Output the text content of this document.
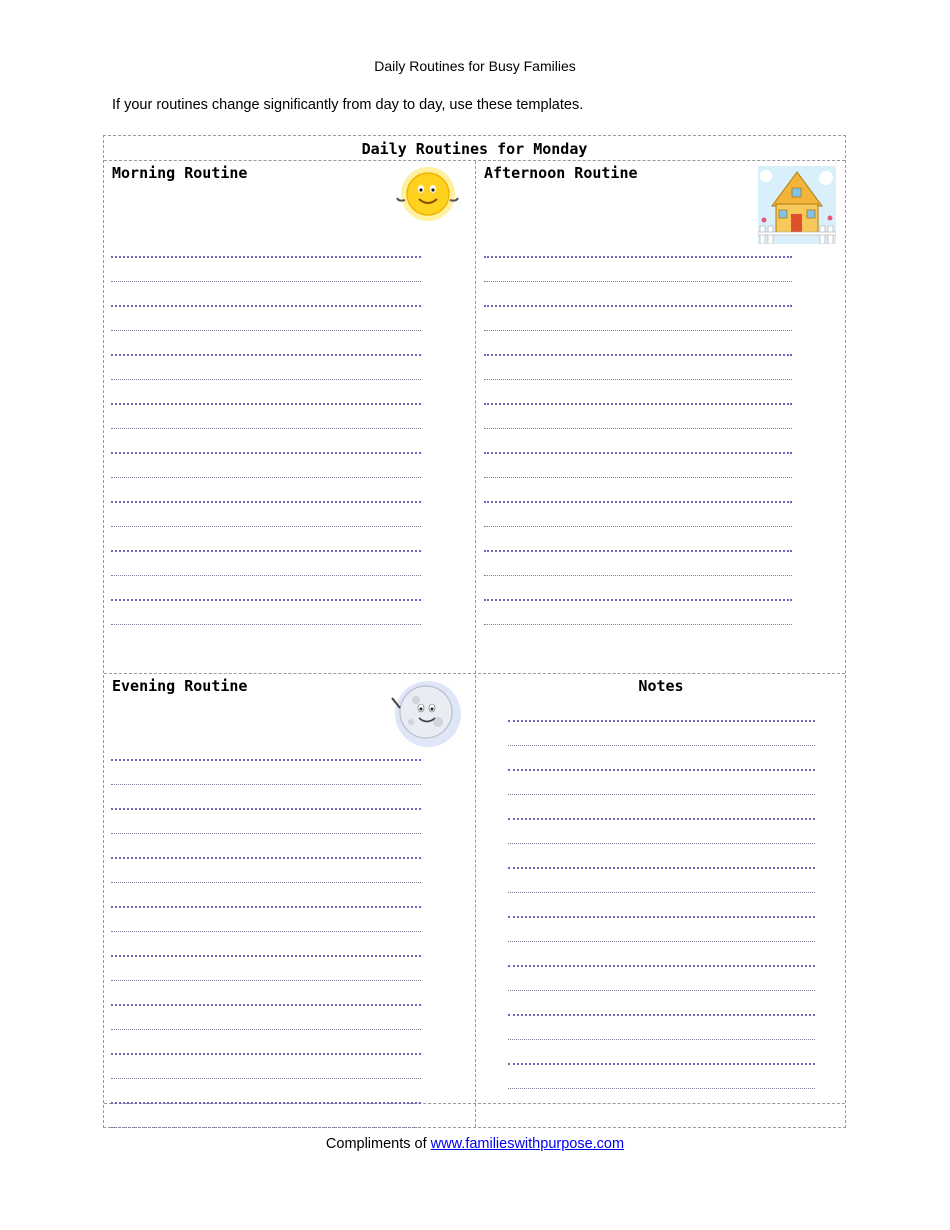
Daily Routines for Busy Families
If your routines change significantly from day to day, use these templates.
Daily Routines for Monday
Morning Routine	Afternoon Routine
Evening Routine	Notes
Compliments of www.familieswithpurpose.com
